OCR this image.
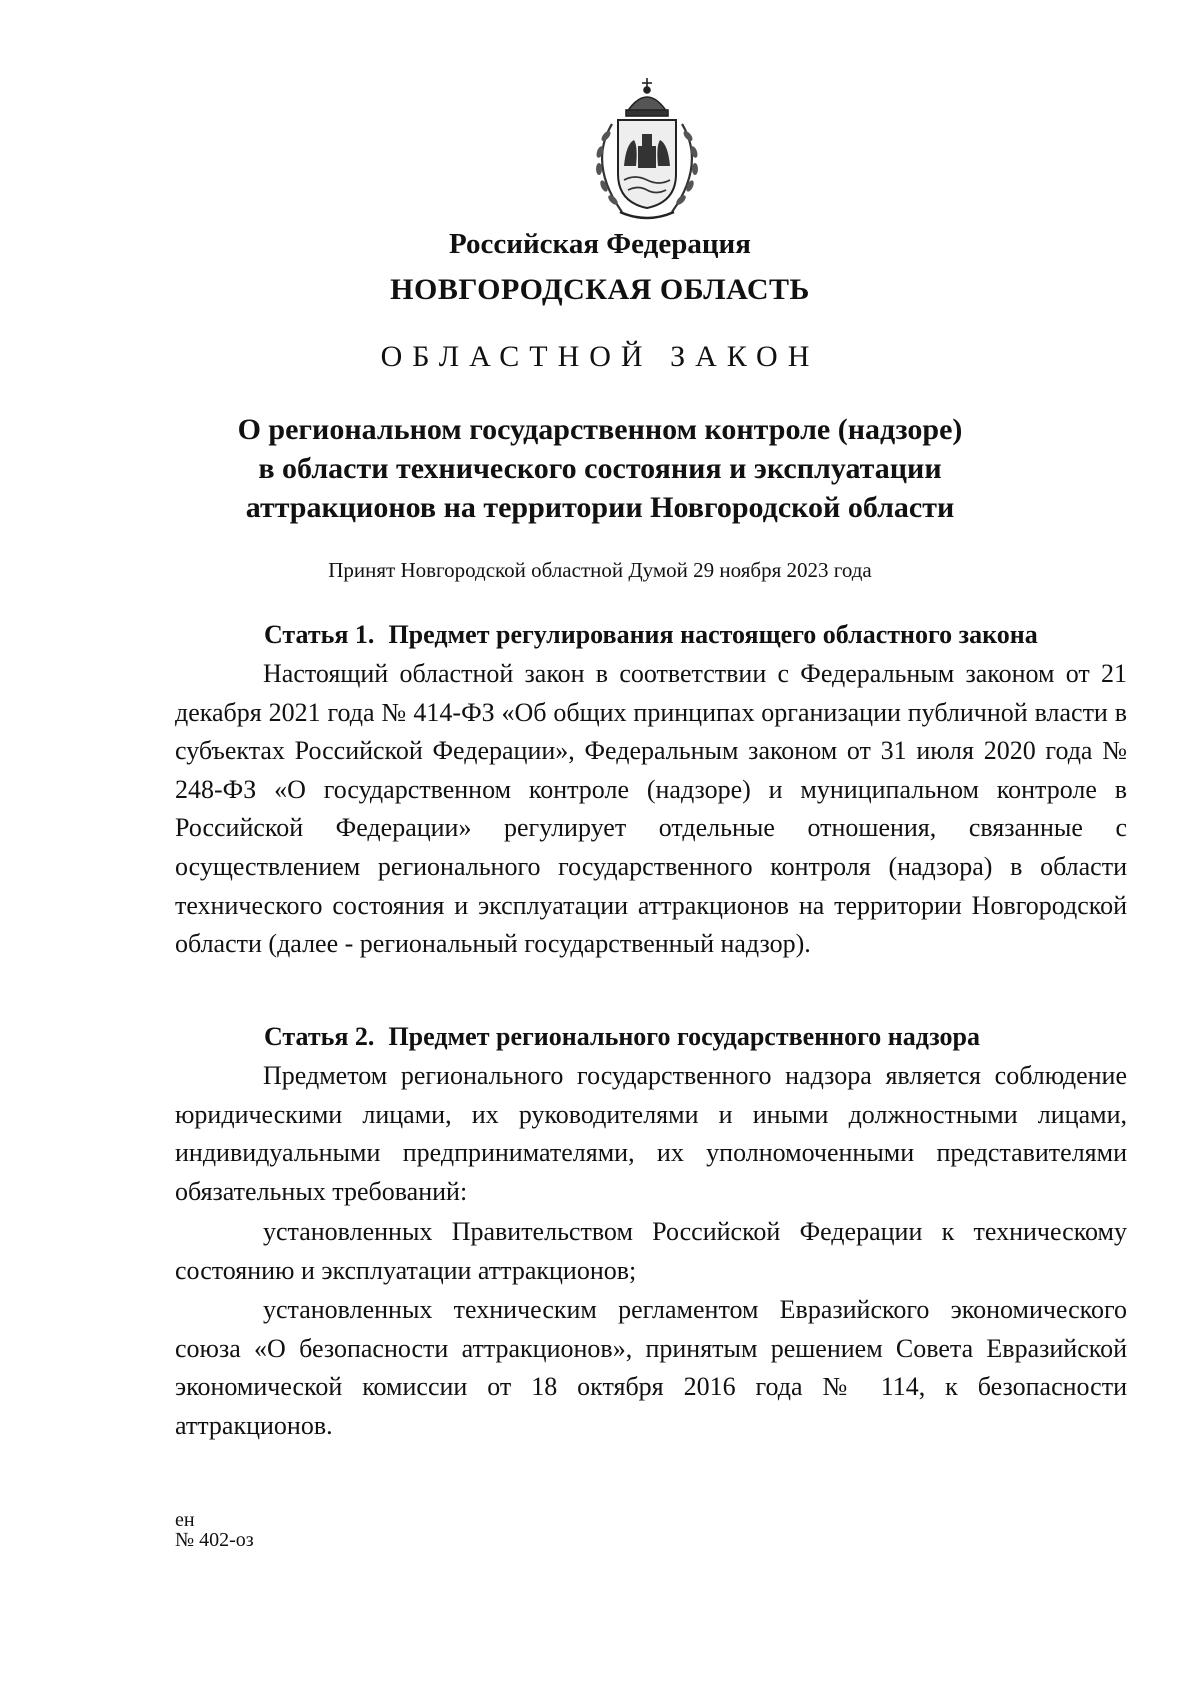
Российская Федерация
НОВГОРОДСКАЯ ОБЛАСТЬ
ОБЛАСТНОЙ ЗАКОН
О региональном государственном контроле (надзоре)
в области технического состояния и эксплуатации
аттракционов на территории Новгородской области
Принят Новгородской областной Думой 29 ноября 2023 года
Статья 1. Предмет регулирования настоящего областного закона

Настоящий областной закон в соответствии с Федеральным законом от 21 декабря 2021 года № 414-ФЗ «Об общих принципах организации публичной власти в субъектах Российской Федерации», Федеральным законом от 31 июля 2020 года № 248-ФЗ «О государственном контроле (надзоре) и муниципальном контроле в Российской Федерации» регулирует отдельные отношения, связанные с осуществлением регионального государственного контроля (надзора) в области технического состояния и эксплуатации аттракционов на территории Новгородской области (далее - региональный государственный надзор).

Статья 2. Предмет регионального государственного надзора

Предметом регионального государственного надзора является соблюдение юридическими лицами, их руководителями и иными должностными лицами, индивидуальными предпринимателями, их уполномоченными представителями обязательных требований:

установленных Правительством Российской Федерации к техническому состоянию и эксплуатации аттракционов;

установленных техническим регламентом Евразийского экономического союза «О безопасности аттракционов», принятым решением Совета Евразийской экономической комиссии от 18 октября 2016 года № 114, к безопасности аттракционов.

ен
№ 402-оз
